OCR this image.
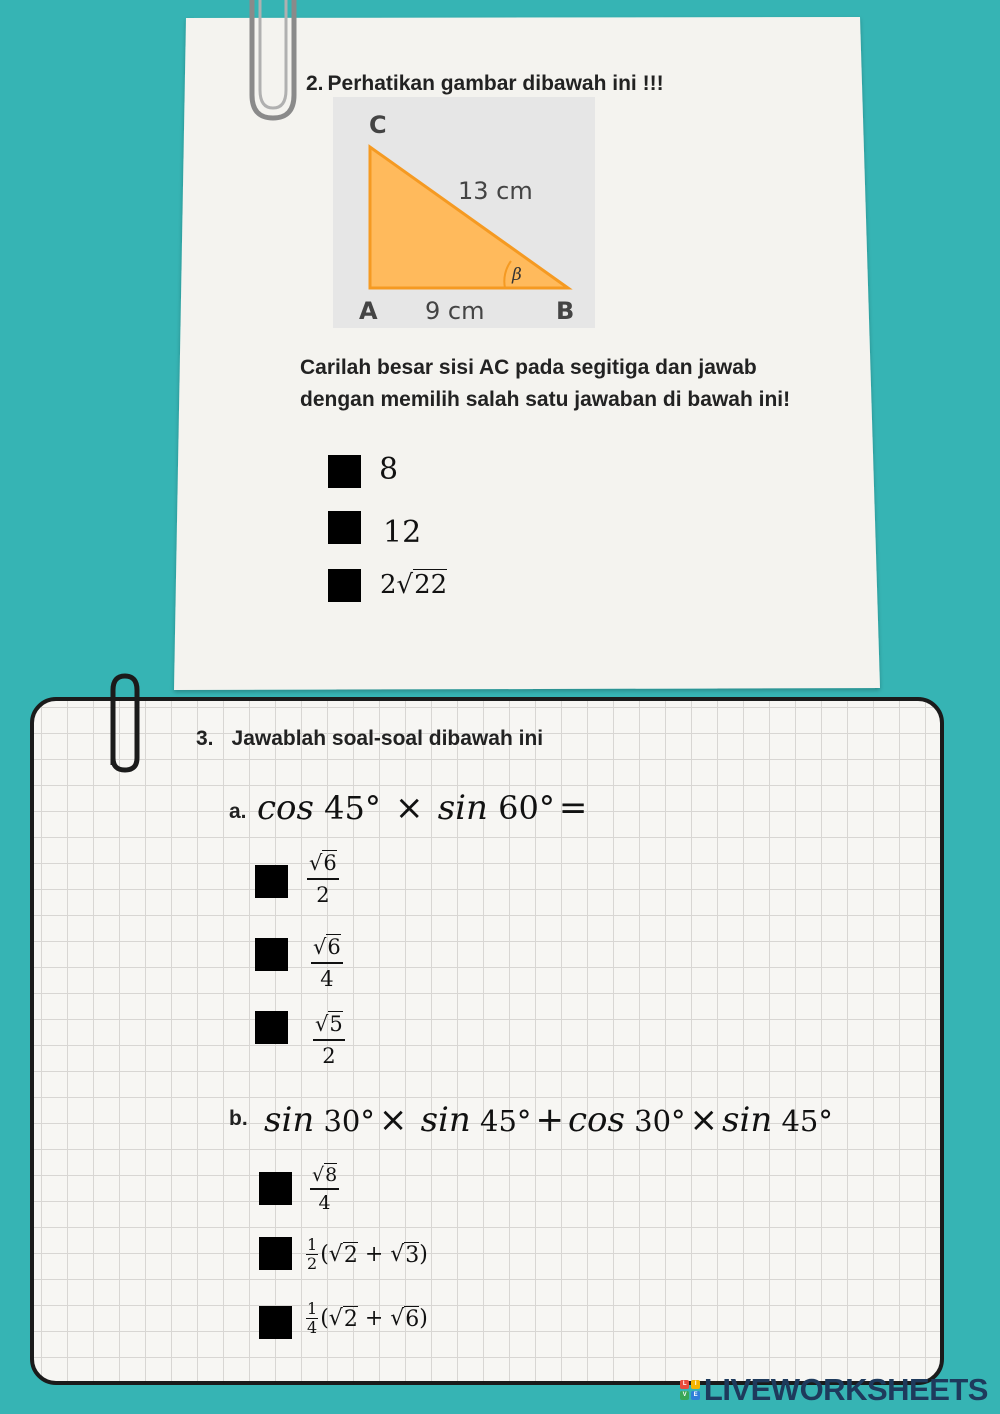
2. Perhatikan gambar dibawah ini !!!
C
A	B
13 cm
9 cm
β
Carilah besar sisi AC pada segitiga dan jawab dengan memilih salah satu jawaban di bawah ini!
8
12
2√22
3. Jawablah soal-soal dibawah ini
a. cos 45° × sin 60° =
$\frac{√6}{2}$
$\frac{√6}{4}$
$\frac{√5}{2}$
b. sin 30° × sin 45° + cos 30° × sin 45°
$\frac{√8}{4}$
1
2 ( √ 2
+
√ 3 )
1
4 ( √ 2
+
√ 6 )
L	I
V	E LIVEWORKSHEETS
